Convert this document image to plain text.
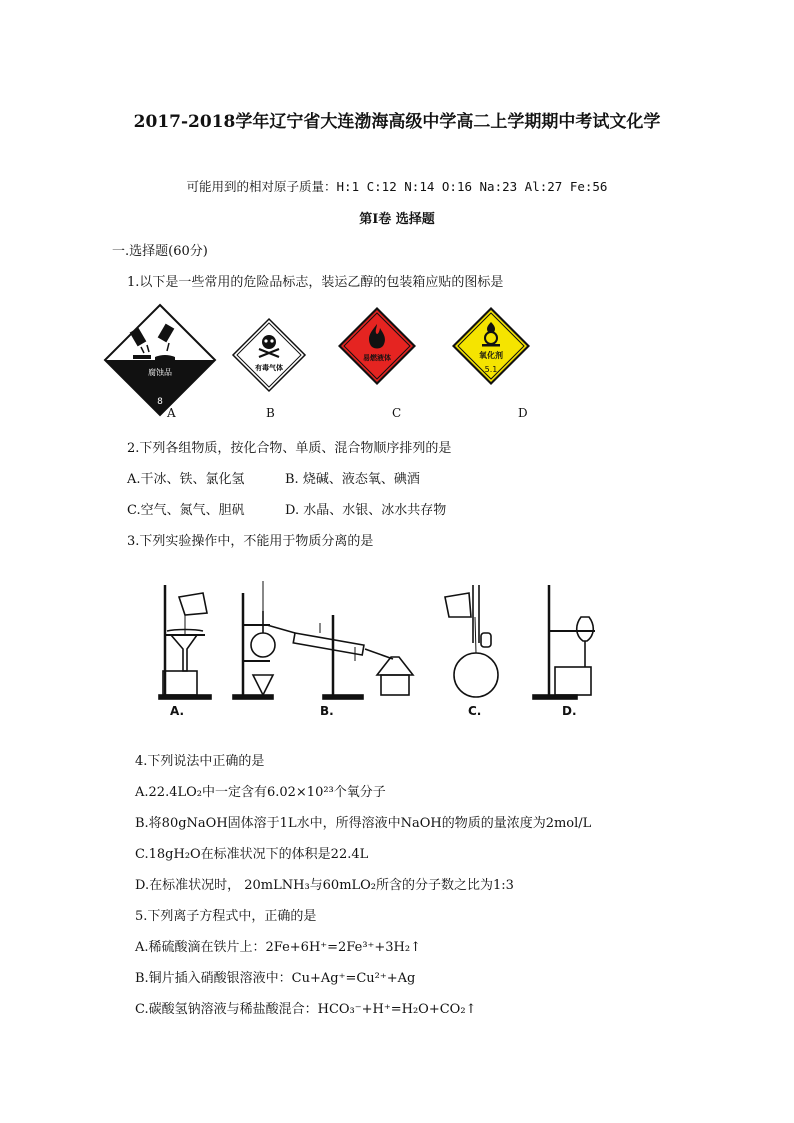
2017-2018学年辽宁省大连渤海高级中学高二上学期期中考试文化学
可能用到的相对原子质量：H:1 C:12 N:14 O:16 Na:23 Al:27 Fe:56
第Ⅰ卷 选择题
一.选择题(60分)
1.以下是一些常用的危险品标志，装运乙醇的包装箱应贴的图标是
腐蚀品
8
有毒气体
易燃液体	氧化剂
5.1
A	B	C	D
2.下列各组物质，按化合物、单质、混合物顺序排列的是
A.干冰、铁、氯化氢	B. 烧碱、液态氧、碘酒
C.空气、氮气、胆矾	D. 水晶、水银、冰水共存物
3.下列实验操作中，不能用于物质分离的是
A.	B.	C.	D.
4.下列说法中正确的是
A.22.4LO₂中一定含有6.02×10²³个氧分子
B.将80gNaOH固体溶于1L水中，所得溶液中NaOH的物质的量浓度为2mol/L
C.18gH₂O在标准状况下的体积是22.4L
D.在标准状况时， 20mLNH₃与60mLO₂所含的分子数之比为1:3
5.下列离子方程式中，正确的是
A.稀硫酸滴在铁片上：2Fe+6H⁺=2Fe³⁺+3H₂↑
B.铜片插入硝酸银溶液中：Cu+Ag⁺=Cu²⁺+Ag
C.碳酸氢钠溶液与稀盐酸混合：HCO₃⁻+H⁺=H₂O+CO₂↑
